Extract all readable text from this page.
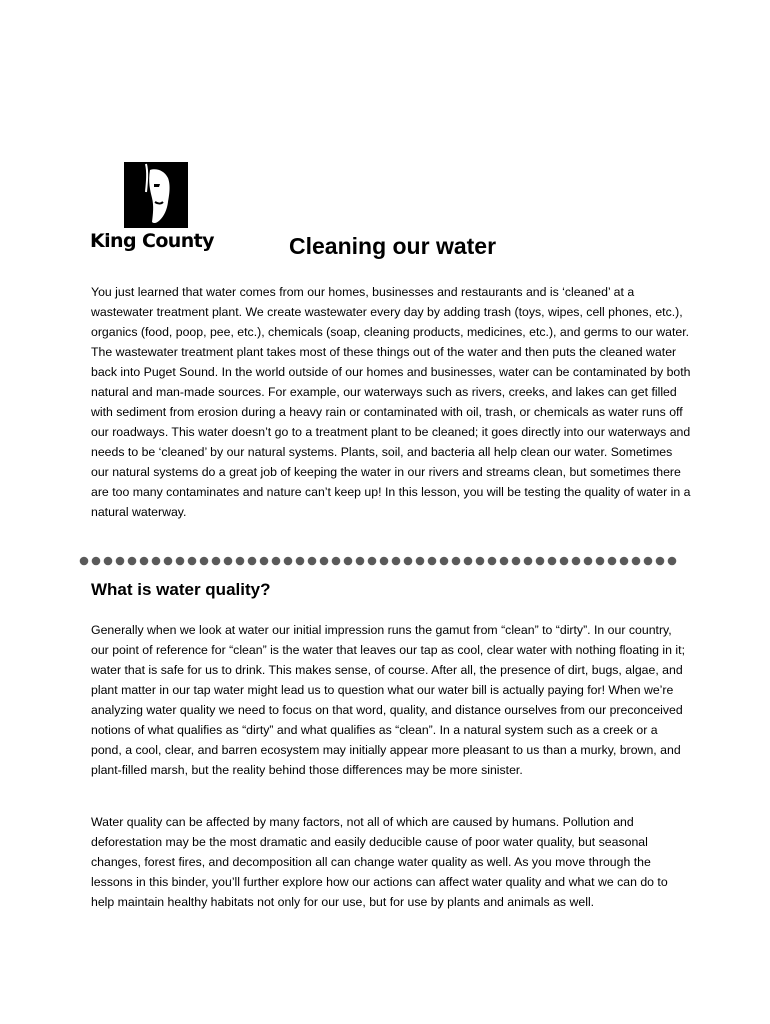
King County	Cleaning our water

You just learned that water comes from our homes, businesses and restaurants and is ‘cleaned’ at a wastewater treatment plant. We create wastewater every day by adding trash (toys, wipes, cell phones, etc.), organics (food, poop, pee, etc.), chemicals (soap, cleaning products, medicines, etc.), and germs to our water. The wastewater treatment plant takes most of these things out of the water and then puts the cleaned water back into Puget Sound. In the world outside of our homes and businesses, water can be contaminated by both natural and man-made sources. For example, our waterways such as rivers, creeks, and lakes can get filled with sediment from erosion during a heavy rain or contaminated with oil, trash, or chemicals as water runs off our roadways. This water doesn’t go to a treatment plant to be cleaned; it goes directly into our waterways and needs to be ‘cleaned’ by our natural systems. Plants, soil, and bacteria all help clean our water. Sometimes our natural systems do a great job of keeping the water in our rivers and streams clean, but sometimes there are too many contaminates and nature can’t keep up! In this lesson, you will be testing the quality of water in a natural waterway.

What is water quality?

Generally when we look at water our initial impression runs the gamut from “clean” to “dirty”. In our country, our point of reference for “clean” is the water that leaves our tap as cool, clear water with nothing floating in it; water that is safe for us to drink. This makes sense, of course. After all, the presence of dirt, bugs, algae, and plant matter in our tap water might lead us to question what our water bill is actually paying for! When we’re analyzing water quality we need to focus on that word, quality, and distance ourselves from our preconceived notions of what qualifies as “dirty” and what qualifies as “clean”. In a natural system such as a creek or a pond, a cool, clear, and barren ecosystem may initially appear more pleasant to us than a murky, brown, and plant-filled marsh, but the reality behind those differences may be more sinister.

Water quality can be affected by many factors, not all of which are caused by humans. Pollution and deforestation may be the most dramatic and easily deducible cause of poor water quality, but seasonal changes, forest fires, and decomposition all can change water quality as well. As you move through the lessons in this binder, you’ll further explore how our actions can affect water quality and what we can do to help maintain healthy habitats not only for our use, but for use by plants and animals as well.
